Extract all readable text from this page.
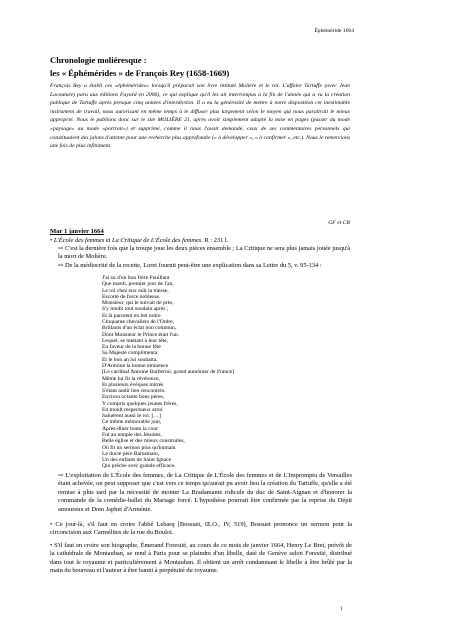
Éphéméride 1664
Chronologie moliéresque :
les « Éphémérides » de François Rey (1658-1669)

François Rey a établi ces «éphémérides» lorsqu'il préparait son livre intitulé Molière et le roi. L'affaire Tartuffe (avec Jean Lacouture) paru aux éditions Fayard en 2006), ce qui explique qu'il les ait interrompus à la fin de l'année qui a vu la création publique de Tartuffe après presque cinq années d'interdiction. Il a eu la générosité de mettre à notre disposition cet inestimable instrument de travail, nous autorisant en même temps à le diffuser plus largement selon le moyen qui nous paraîtrait le mieux approprié. Nous le publions donc sur le site MOLIÈRE 21, après avoir simplement adapté la mise en pages (passer du mode «paysage» au mode «portrait») et supprimé, comme il nous l'avait demandé, ceux de ses commentaires personnels qui constituaient des jalons d'attente pour une recherche plus approfondie (« à développer », « à confirmer », etc.). Nous le remercions une fois de plus infiniment.

GF et CB

Mar 1 janvier 1664

• L'École des femmes et La Critique de L'École des femmes. R : 231 l.

⇨ C'est la dernière fois que la troupe joue les deux pièces ensemble ; La Critique ne sera plus jamais jouée jusqu'à la mort de Molière.

⇨ De la médiocrité de la recette, Loret fournit peut-être une explication dans sa Lettre du 5, v. 95-134 :

J'ai su d'un bon frère Feuillant
Que mardi, premier jour de l'an,
Le roi chez eux ouït la messe,
Escorté de force noblesse.
Monsieur, qui le suivait de près,
S'y rendit tout soudain après ;
Et là parurent en bel ordre
Cinquante chevaliers de l'Ordre,
Brillants d'un éclat non commun,
Dont Monsieur le Prince était l'un.
Lequel, se mettant à leur tête,
En faveur de la bonne fête
Sa Majesté complimenta
Et le bon an lui souhaita.
D'Antoine la bonne éminence
[Le cardinal Antoine Barberini, grand aumônier de France]
Même lui fit la révérence,
Et plusieurs évêques mitrés
S'étant audit lieu rencontrés.
Environ octante bons pères,
Y compris quelques jeunes frères,
En moult respectueux arroi
Saluèrent aussi le roi. […]
Ce même mémorable jour,
Après-dîner toute la cour
Fut au temple des Jésuites,
Belle église et des mieux construites,
Où fit un sermon plus qu'humain
Le docte père Barsamain,
Un des enfants de Saint Ignace
Qui prêche avec grande efficace.

⇨ L'exploitation de L'École des femmes, de La Critique de L'École des femmes et de L'Impromptu de Versailles étant achevée, on peut supposer que c'est vers ce temps qu'aurait pu avoir lieu la création du Tartuffe, qu'elle a été remise à plus tard par la nécessité de monter La Bradamante ridicule du duc de Saint-Aignan et d'honorer la commande de la comédie-ballet du Mariage forcé. L'hypothèse pourrait être confirmée par la reprise du Dépit amoureux et Dom Japhet d'Arménie.

• Ce jour-là, s'il faut en croire l'abbé Lebarq [Bossuet, Œ.O., IV, 519], Bossuet prononce un sermon pour la circoncision aux Carmélites de la rue du Bouloi.

• S'il faut en croire son biographe, Émerand Forestié, au cours de ce mois de janvier 1664, Henry Le Bret, prévôt de la cathédrale de Montauban, se rend à Paris pour se plaindre d'un libelle, daté de Genève selon Forestié, distribué dans tout le royaume et particulièrement à Montauban. Il obtient un arrêt condamnant le libelle à être brûlé par la main du bourreau et l'auteur à être banni à perpétuité du royaume.

1
